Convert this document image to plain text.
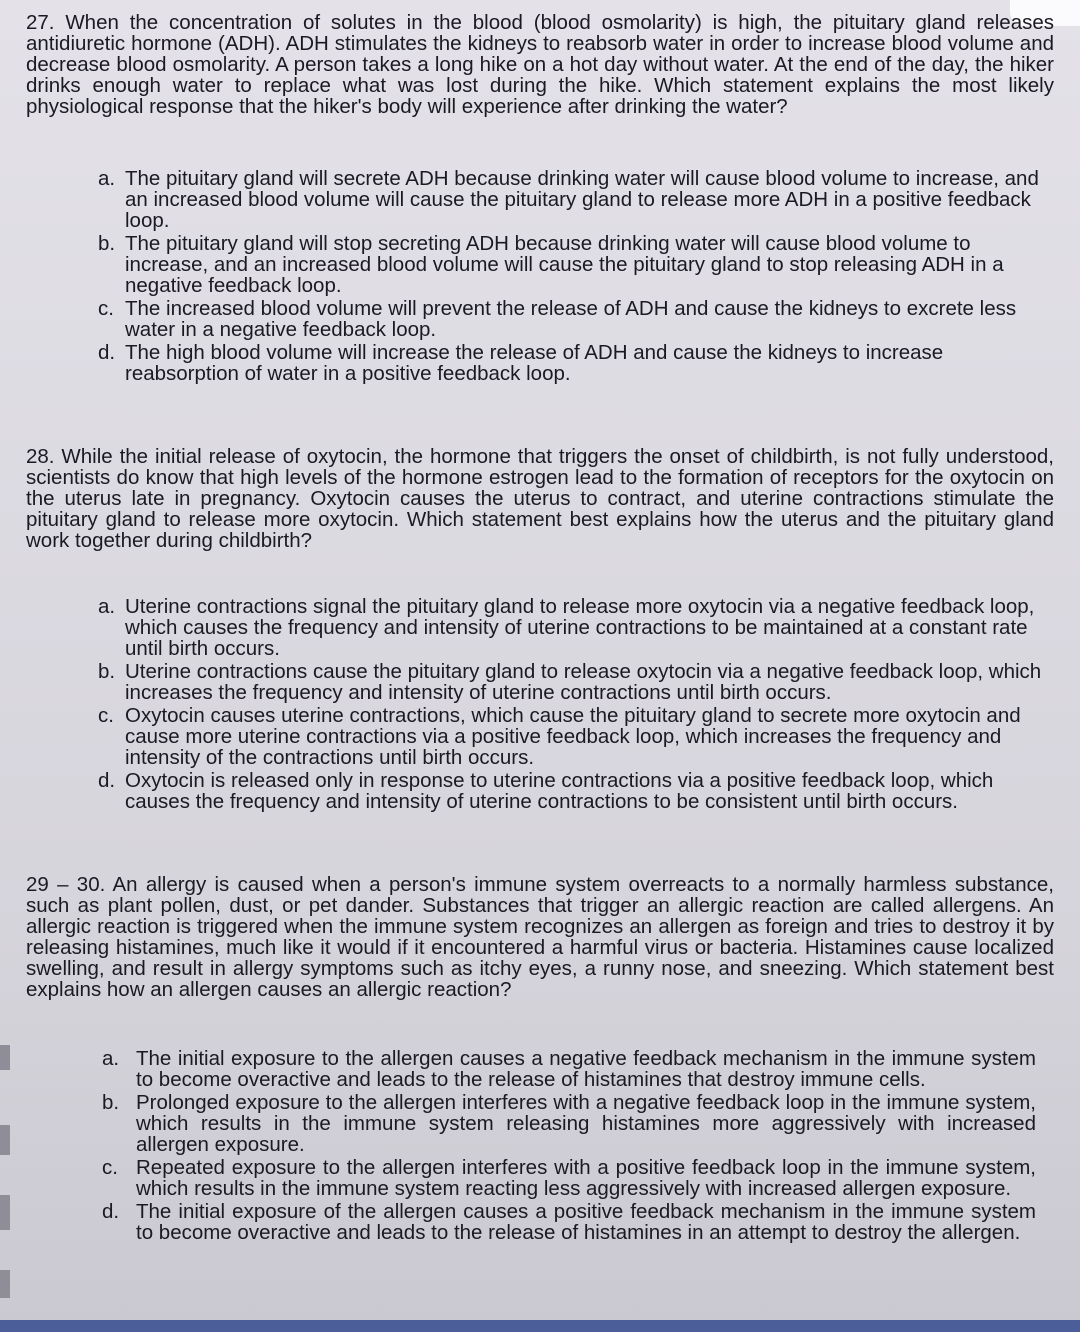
27. When the concentration of solutes in the blood (blood osmolarity) is high, the pituitary gland releases antidiuretic hormone (ADH). ADH stimulates the kidneys to reabsorb water in order to increase blood volume and decrease blood osmolarity. A person takes a long hike on a hot day without water. At the end of the day, the hiker drinks enough water to replace what was lost during the hike. Which statement explains the most likely physiological response that the hiker's body will experience after drinking the water?

a. The pituitary gland will secrete ADH because drinking water will cause blood volume to increase, and an increased blood volume will cause the pituitary gland to release more ADH in a positive feedback loop.
b. The pituitary gland will stop secreting ADH because drinking water will cause blood volume to increase, and an increased blood volume will cause the pituitary gland to stop releasing ADH in a negative feedback loop.
c. The increased blood volume will prevent the release of ADH and cause the kidneys to excrete less water in a negative feedback loop.
d. The high blood volume will increase the release of ADH and cause the kidneys to increase reabsorption of water in a positive feedback loop.

28. While the initial release of oxytocin, the hormone that triggers the onset of childbirth, is not fully understood, scientists do know that high levels of the hormone estrogen lead to the formation of receptors for the oxytocin on the uterus late in pregnancy. Oxytocin causes the uterus to contract, and uterine contractions stimulate the pituitary gland to release more oxytocin. Which statement best explains how the uterus and the pituitary gland work together during childbirth?

a. Uterine contractions signal the pituitary gland to release more oxytocin via a negative feedback loop, which causes the frequency and intensity of uterine contractions to be maintained at a constant rate until birth occurs.
b. Uterine contractions cause the pituitary gland to release oxytocin via a negative feedback loop, which increases the frequency and intensity of uterine contractions until birth occurs.
c. Oxytocin causes uterine contractions, which cause the pituitary gland to secrete more oxytocin and cause more uterine contractions via a positive feedback loop, which increases the frequency and intensity of the contractions until birth occurs.
d. Oxytocin is released only in response to uterine contractions via a positive feedback loop, which causes the frequency and intensity of uterine contractions to be consistent until birth occurs.

29 – 30. An allergy is caused when a person's immune system overreacts to a normally harmless substance, such as plant pollen, dust, or pet dander. Substances that trigger an allergic reaction are called allergens. An allergic reaction is triggered when the immune system recognizes an allergen as foreign and tries to destroy it by releasing histamines, much like it would if it encountered a harmful virus or bacteria. Histamines cause localized swelling, and result in allergy symptoms such as itchy eyes, a runny nose, and sneezing. Which statement best explains how an allergen causes an allergic reaction?

a. The initial exposure to the allergen causes a negative feedback mechanism in the immune system to become overactive and leads to the release of histamines that destroy immune cells.
b. Prolonged exposure to the allergen interferes with a negative feedback loop in the immune system, which results in the immune system releasing histamines more aggressively with increased allergen exposure.
c. Repeated exposure to the allergen interferes with a positive feedback loop in the immune system, which results in the immune system reacting less aggressively with increased allergen exposure.
d. The initial exposure of the allergen causes a positive feedback mechanism in the immune system to become overactive and leads to the release of histamines in an attempt to destroy the allergen.
